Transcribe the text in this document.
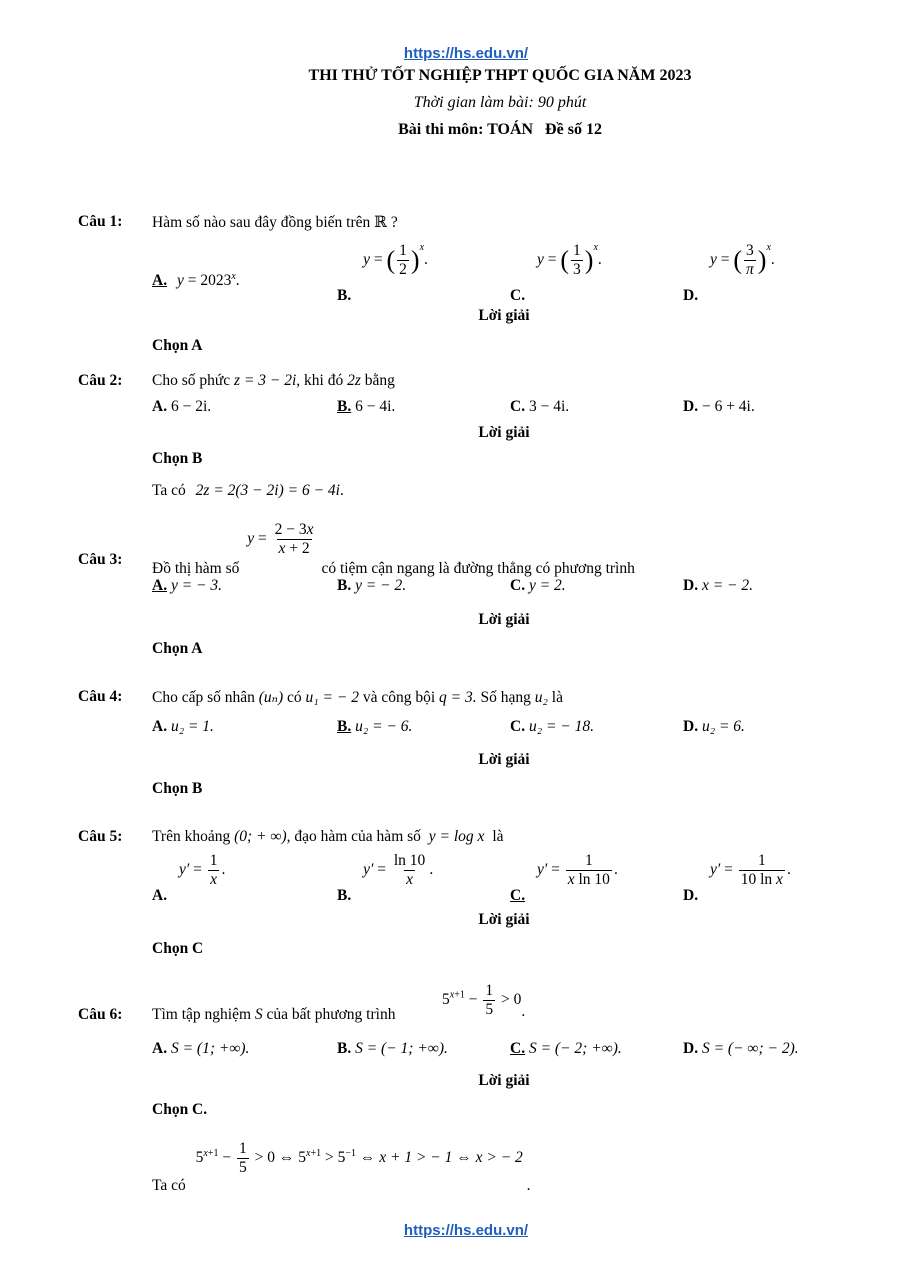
https://hs.edu.vn/
THI THỬ TỐT NGHIỆP THPT QUỐC GIA NĂM 2023
Thời gian làm bài: 90 phút
Bài thi môn: TOÁN   Đề số 12
Câu 1: Hàm số nào sau đây đồng biến trên ℝ ?
A. $y = 2023^x$.
B. y = ( $\frac{1}{2} )^x$.
C. y = ( $\frac{1}{3} )^x$.
D. y = ( $\frac{3}{\pi} )^x$.
Lời giải
Chọn A
Câu 2: Cho số phức z = 3 − 2i, khi đó 2z bằng
A. 6 − 2i.	B. 6 − 4i.	C. 3 − 4i.	D. − 6 + 4i.
Lời giải
Chọn B
Ta có 2z = 2(3 − 2i) = 6 − 4i.
Câu 3:
Đồ thị hàm số $y = \frac{2 - 3x}{x + 2}$
có tiệm cận ngang là đường thẳng có phương trình
A. y = − 3.	B. y = − 2.	C. y = 2.	D. x = − 2.
Lời giải
Chọn A
Câu 4: Cho cấp số nhân (uₙ) có u₁ = − 2 và công bội q = 3. Số hạng u₂ là
A. u₂ = 1.	B. u₂ = − 6.	C. u₂ = − 18.	D. u₂ = 6.
Lời giải
Chọn B
Câu 5: Trên khoảng (0; + ∞), đạo hàm của hàm số y = log x là
A. $y' = \frac{1}{x}$ .
B. $y' = \frac{\ln 10}{x}$ .
C. $y' = \frac{1}{\text{x ln 10}}$ .
D. $y' = \frac{1}{\text{10 ln x}}$ .
Lời giải
Chọn C
Câu 6: Tìm tập nghiệm S của bất phương trình
$5^{x+1} - \frac{1}{5} > 0$.
A. S = (1; +∞).	B. S = (− 1; +∞).	C. S = (− 2; +∞).	D. S = (− ∞; − 2).
Lời giải
Chọn C.
Ta có $5^{x+1} - \frac{1}{5} > 0$ ⇔ $5^{x+1} > 5^{-1}$ ⇔ x + 1 > − 1 ⇔ x > − 2 .
https://hs.edu.vn/
